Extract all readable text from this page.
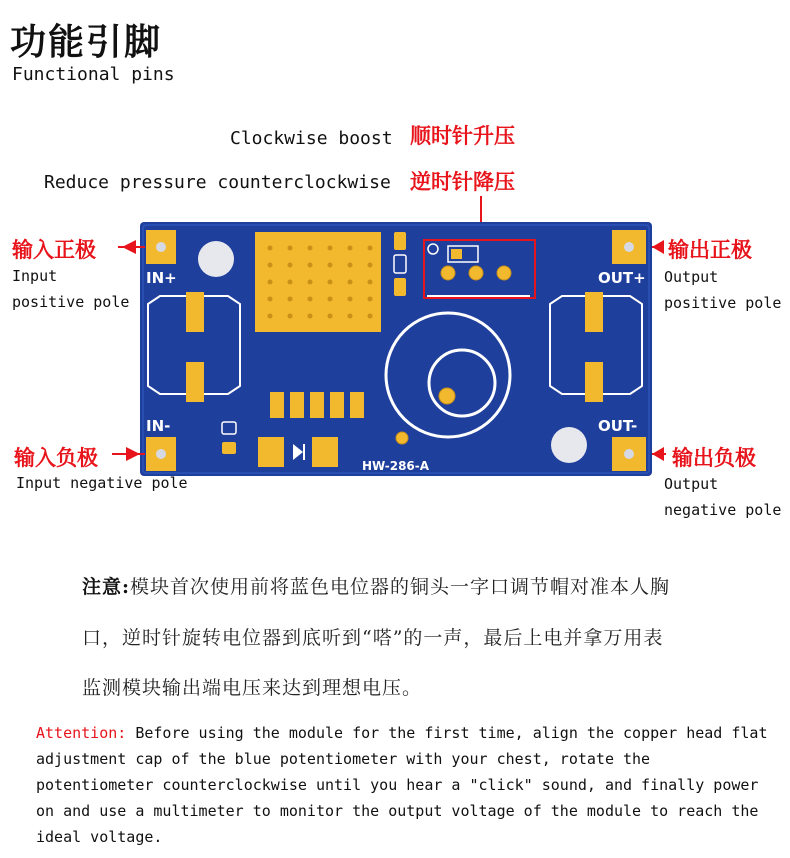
功能引脚
Functional pins
Clockwise boost 顺时针升压
Reduce pressure counterclockwise 逆时针降压
IN+
IN-
OUT+
OUT-
HW-286-A
输入正极
Input
positive pole
输入负极
Input negative pole
输出正极
Output
positive pole
输出负极
Output
negative pole
注意:模块首次使用前将蓝色电位器的铜头一字口调节帽对准本人胸
口，逆时针旋转电位器到底听到“嗒”的一声，最后上电并拿万用表
监测模块输出端电压来达到理想电压。
Attention: Before using the module for the first time, align the copper head flat adjustment cap of the blue potentiometer with your chest, rotate the potentiometer counterclockwise until you hear a "click" sound, and finally power on and use a multimeter to monitor the output voltage of the module to reach the ideal voltage.
